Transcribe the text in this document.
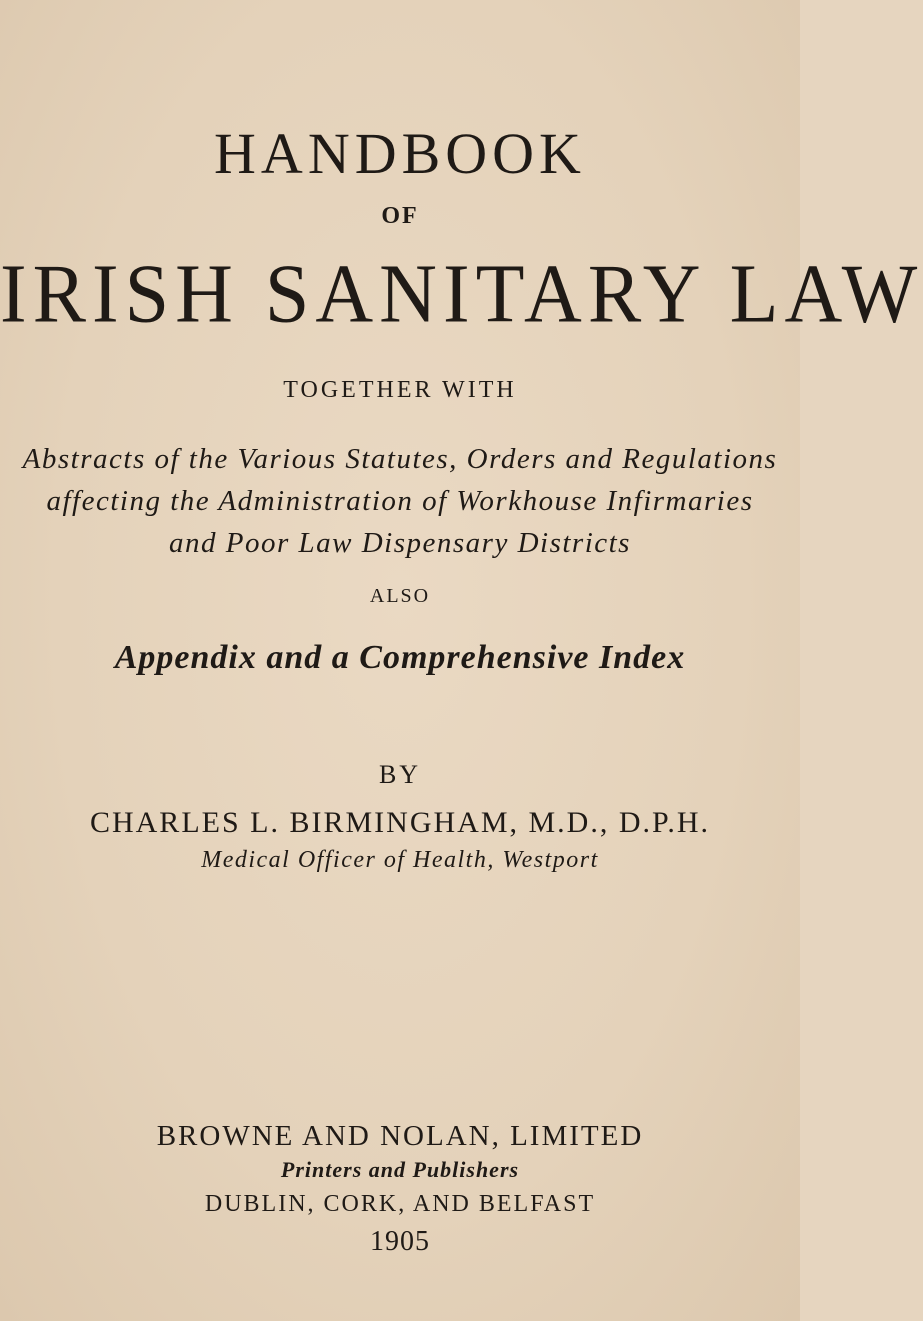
HANDBOOK
OF
IRISH SANITARY LAW
TOGETHER WITH
Abstracts of the Various Statutes, Orders and Regulations
affecting the Administration of Workhouse Infirmaries
and Poor Law Dispensary Districts
ALSO
Appendix and a Comprehensive Index
BY
CHARLES L. BIRMINGHAM, M.D., D.P.H.
Medical Officer of Health, Westport
BROWNE AND NOLAN, LIMITED
Printers and Publishers
DUBLIN, CORK, AND BELFAST
1905
